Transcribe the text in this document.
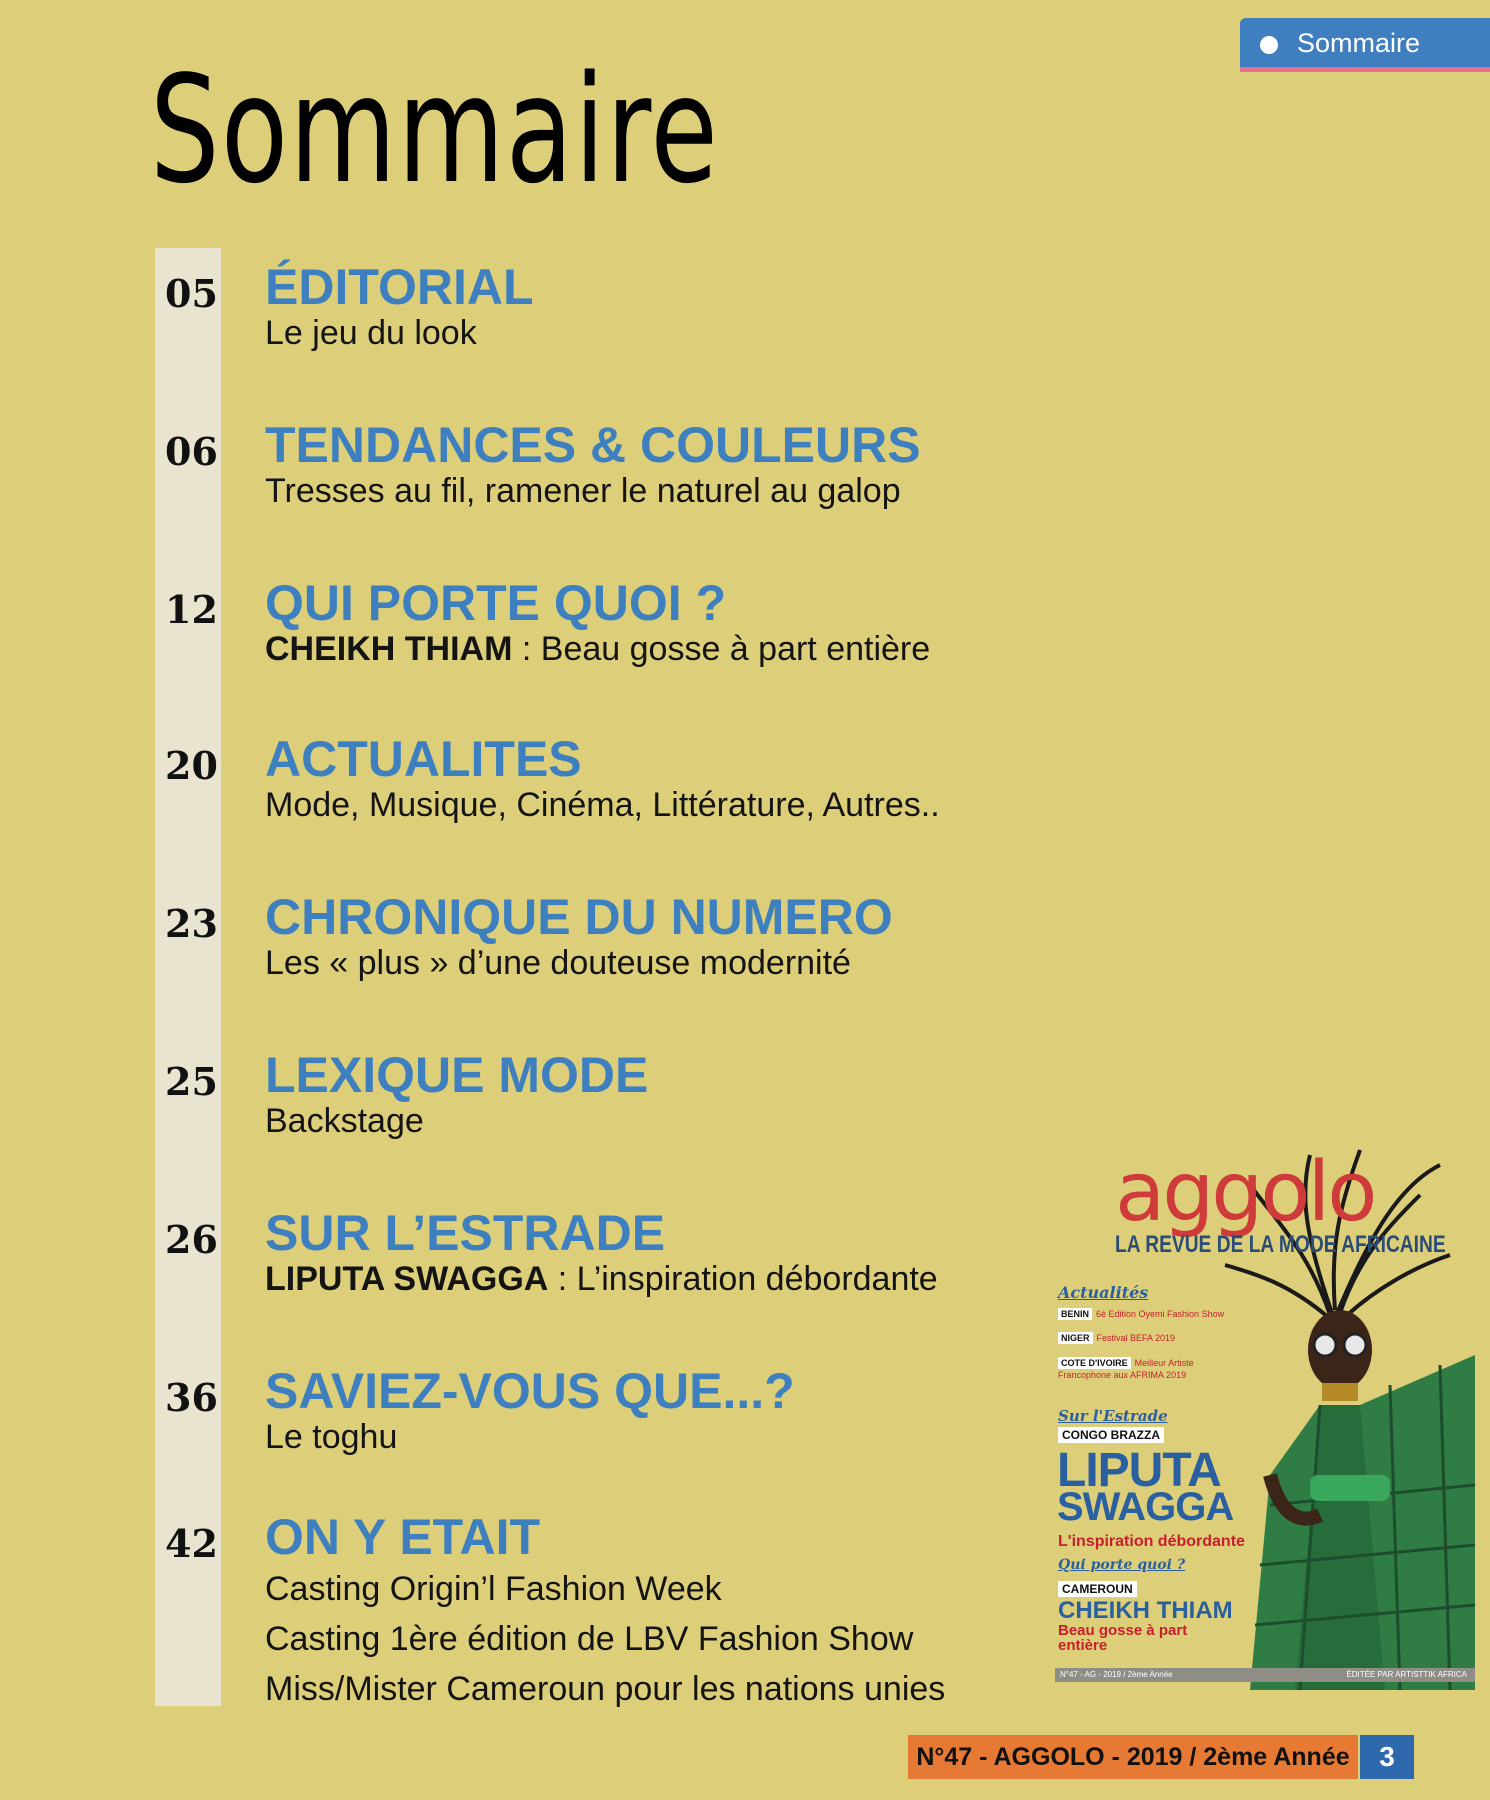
Sommaire
Sommaire
05 ÉDITORIAL
Le jeu du look
06 TENDANCES & COULEURS
Tresses au fil, ramener le naturel au galop
12 QUI PORTE QUOI ?
CHEIKH THIAM : Beau gosse à part entière
20 ACTUALITES
Mode, Musique, Cinéma, Littérature, Autres..
23 CHRONIQUE DU NUMERO
Les « plus » d’une douteuse modernité
25 LEXIQUE MODE
Backstage
26 SUR L’ESTRADE
LIPUTA SWAGGA : L’inspiration débordante
36 SAVIEZ-VOUS QUE...?
Le toghu
42 ON Y ETAIT
Casting Origin’l Fashion Week
Casting 1ère édition de LBV Fashion Show
Miss/Mister Cameroun pour les nations unies
aggolo
LA REVUE DE LA MODE AFRICAINE
Actualités
BENIN 6è Edition Oyemi Fashion Show
NIGER Festival BEFA 2019
COTE D'IVOIRE Meilleur Artiste Francophone aux AFRIMA 2019
Sur l'Estrade
CONGO BRAZZA
LIPUTA
SWAGGA
L'inspiration débordante
Qui porte quoi ?
CAMEROUN
CHEIKH THIAM
Beau gosse à part entière
N°47 - AG - 2019 / 2ème Année	ÉDITÉE PAR ARTISTTIK AFRICA
N°47 - AGGOLO - 2019 / 2ème Année	3
